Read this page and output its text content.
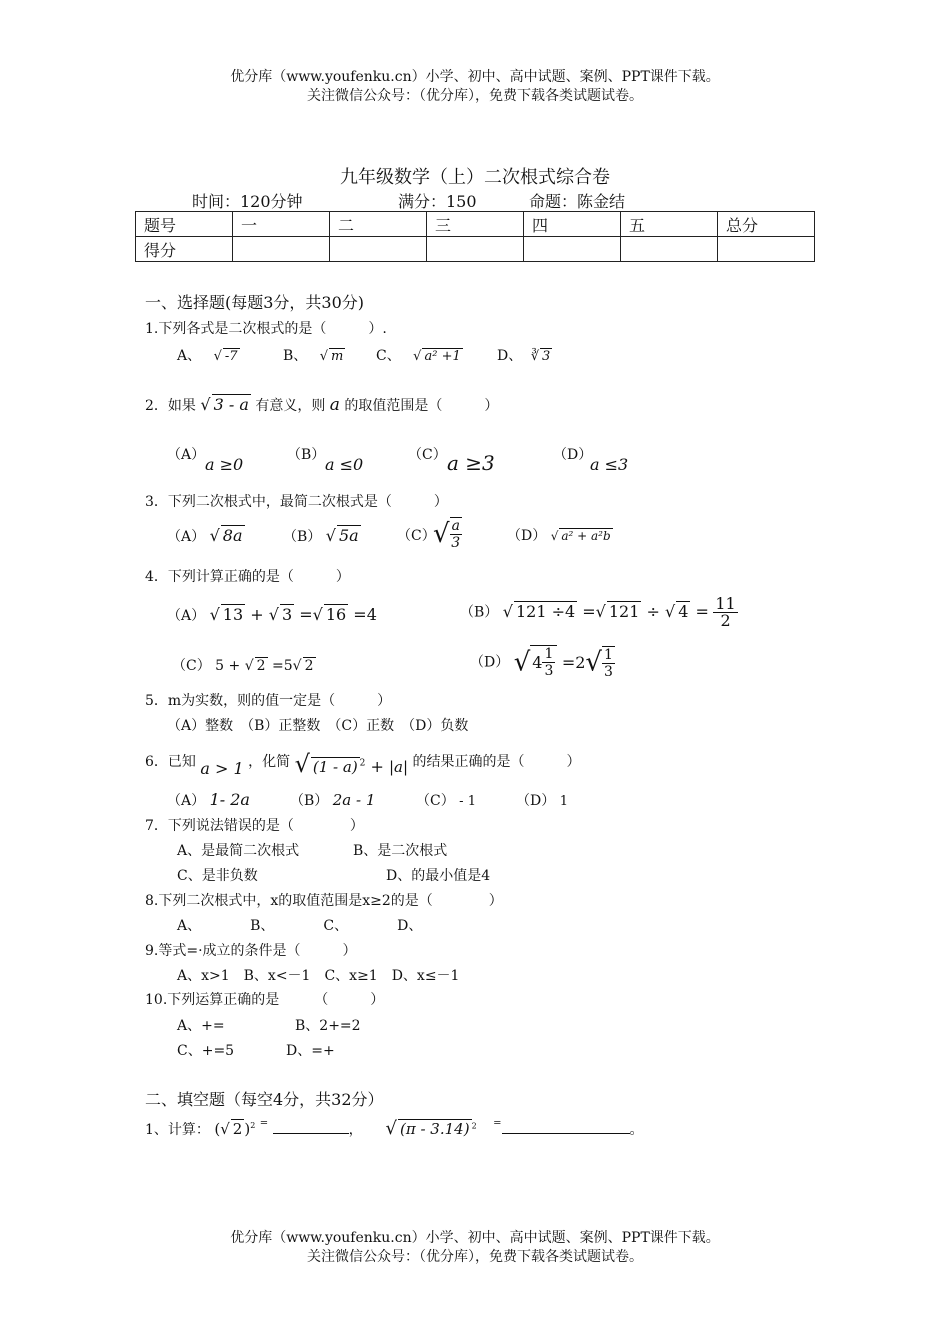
优分库（www.youfenku.cn）小学、初中、高中试题、案例、PPT课件下载。
关注微信公众号：（优分库），免费下载各类试题试卷。
九年级数学（上）二次根式综合卷
时间：120分钟	满分：150	命题：陈金结
题号	一	二	三	四	五	总分
得分						
一、选择题(每题3分，共30分)
1.下列各式是二次根式的是（　　　）.
A、 √ -7	B、 √ m C、 √ a² +1	D、 ∛ 3
2．如果 √ 3 - a 有意义，则 a 的取值范围是（　　　）
（A） a ≥0	（B） a ≤0	（C） a ≥3	（D）
a ≤3
3．下列二次根式中，最简二次根式是（　　　）
（A） √ 8a	（B） √ 5a	（C）
√ $\frac{a}{3}$	（D） √ a² + a²b
4．下列计算正确的是（　　　）
（A） √ 13 + √ 3 =√ 16 =4	（B） √ 121 ÷4 =√ 121 ÷ √ $4 = \frac{11}{2}$
（C） 5 + √ 2 =5√ 2	（D） √ $4 \frac{1}{3} =2√ \frac{1}{3}$
5．m为实数，则的值一定是（　　　）
（A）整数　（B）正整数　（C）正数　（D）负数
6．已知 a > 1 ，化简 √ (1 - a) $^2$ + |a| 的结果正确的是（　　　）
（A） 1- 2a	（B） 2a - 1	（C） - 1	（D） 1
7．下列说法错误的是（　　　　）
A、是最简二次根式	B、是二次根式
C、是非负数	D、的最小值是4
8.下列二次根式中，x的取值范围是x≥2的是（　　　　）
A、　　　　B、　　　　C、　　　　D、
9.等式=·成立的条件是（　　　）
A、x>1　B、x<－1　C、x≥1　D、x≤－1
10.下列运算正确的是　　　（　　　）
A、+=	B、2+=2
C、+=5	D、=+
二、填空题（每空4分，共32分）
1、计算： (√ 2 )$^2$ =	， √ (π - 3.14) $^2$ =	。
优分库（www.youfenku.cn）小学、初中、高中试题、案例、PPT课件下载。
关注微信公众号：（优分库），免费下载各类试题试卷。
